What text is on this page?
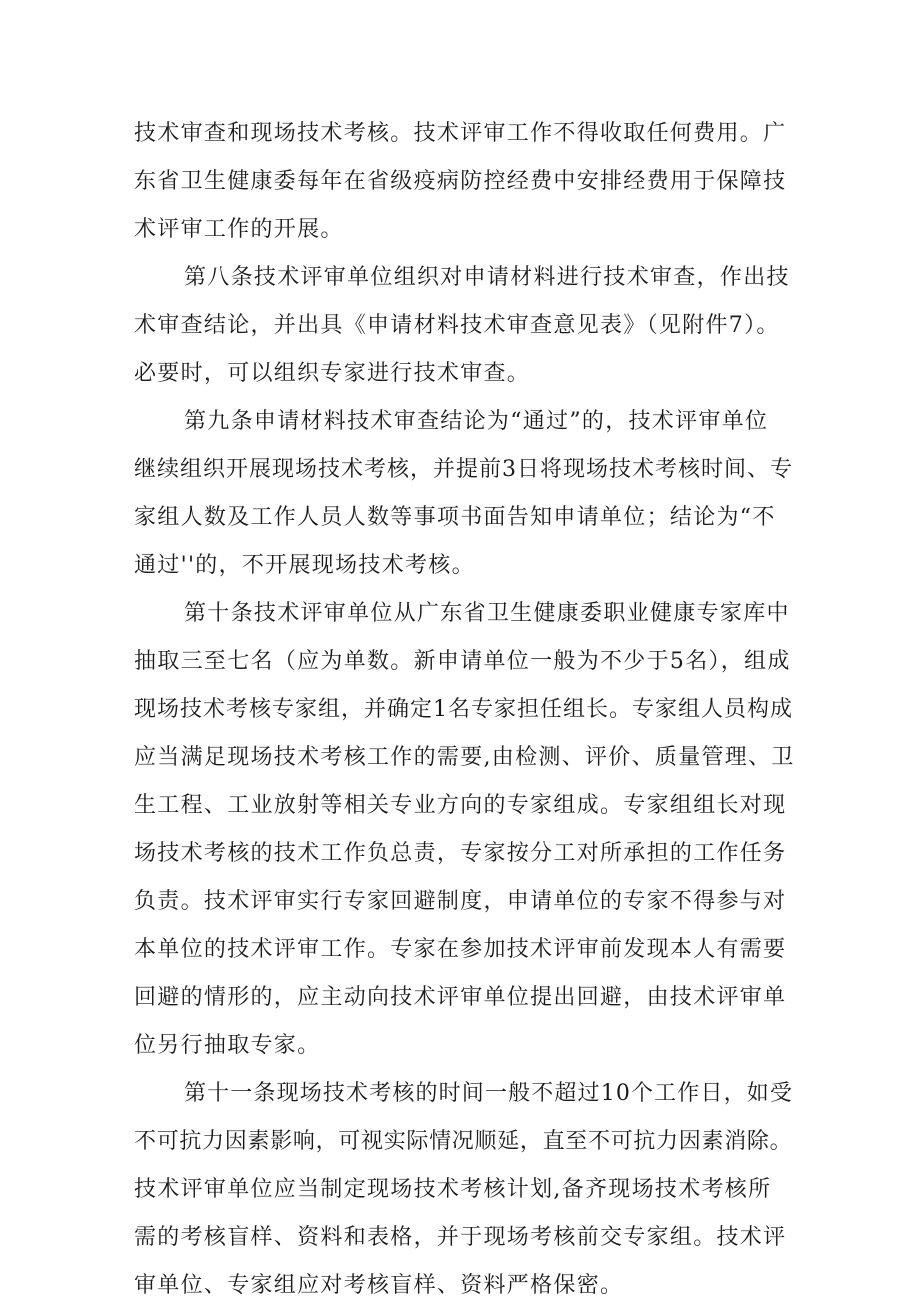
技术审查和现场技术考核。技术评审工作不得收取任何费用。广
东省卫生健康委每年在省级疫病防控经费中安排经费用于保障技
术评审工作的开展。
第八条技术评审单位组织对申请材料进行技术审查，作出技
术审查结论，并出具《申请材料技术审查意见表》（见附件7）。
必要时，可以组织专家进行技术审查。
第九条申请材料技术审查结论为“通过”的，技术评审单位
继续组织开展现场技术考核，并提前3日将现场技术考核时间、专
家组人数及工作人员人数等事项书面告知申请单位；结论为“不
通过''的，不开展现场技术考核。
第十条技术评审单位从广东省卫生健康委职业健康专家库中
抽取三至七名（应为单数。新申请单位一般为不少于5名），组成
现场技术考核专家组，并确定1名专家担任组长。专家组人员构成
应当满足现场技术考核工作的需要,由检测、评价、质量管理、卫
生工程、工业放射等相关专业方向的专家组成。专家组组长对现
场技术考核的技术工作负总责，专家按分工对所承担的工作任务
负责。技术评审实行专家回避制度，申请单位的专家不得参与对
本单位的技术评审工作。专家在参加技术评审前发现本人有需要
回避的情形的，应主动向技术评审单位提出回避，由技术评审单
位另行抽取专家。
第十一条现场技术考核的时间一般不超过10个工作日，如受
不可抗力因素影响，可视实际情况顺延，直至不可抗力因素消除。
技术评审单位应当制定现场技术考核计划,备齐现场技术考核所
需的考核盲样、资料和表格，并于现场考核前交专家组。技术评
审单位、专家组应对考核盲样、资料严格保密。
